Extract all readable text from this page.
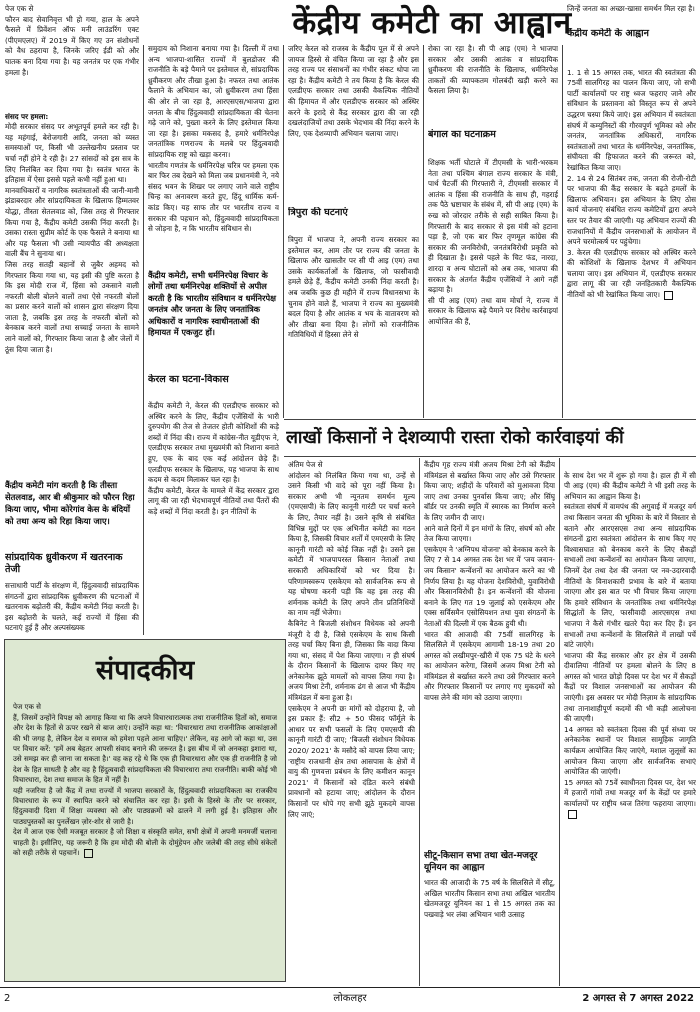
केंद्रीय कमेटी का आह्वान
पेज एक से
फौरन बाद सेवानिवृत्त भी हो गया, हाल के अपने फैसले में प्रिवेंशन ऑफ मनी लाउंडरिंग एक्ट (पीएमएलए) में 2019 में किए गए उन संशोधनों को वैध ठहराया है, जिनके जरिए ईडी को और घातक बना दिया गया है। यह जनतंत्र पर एक गंभीर हमला है।

संसद पर हमला:
मोदी सरकार संसद पर अभूतपूर्व हमले कर रही है। यह महंगाई, बेरोजगारी आदि, जनता को व्यस्त समस्याओं पर, किसी भी उल्लेखनीय प्रस्ताव पर चर्चा नहीं होने दे रही है। 27 सांसदों को इस सत्र के लिए निलंबित कर दिया गया है। स्वतंत्र भारत के इतिहास में ऐसा इससे पहले कभी नहीं हुआ था।
मानवाधिकारों व नागरिक स्वतंत्रताओं की जानी-मानी झंडाबरदार और सांप्रदायिकता के खिलाफ हिम्मतवर योद्धा, तीस्ता सेतलवाड को, जिस तरह से गिरफ्तार किया गया है, कैंद्रीय कमेटी उसकी निंदा करती है। उसका रास्ता सुप्रीम कोर्ट के एक फैसले ने बनाया था और यह फैसला भी उसी न्यायपीठ की अध्यक्षता वाली बैंच ने सुनाया था।
जिस तरह सतही बहानों से जुबैर अहमद को गिरफ्तार किया गया था, यह इसी की पुष्टि करता है कि इस मोदी राज में, हिंसा को उकसाने वाली नफरती बोली बोलने वालों तथा ऐसे नफरती बोलों का प्रसार करने वालों को शासन द्वारा संरक्षण दिया जाता है, जबकि इस तरह के नफरती बोलों को बेनकाब करने वालों तथा सच्चाई जनता के सामने लाने वालों को, गिरफ्तार किया जाता है और जेलों में ठूंस दिया जाता है।

कैंद्रीय कमेटी मांग करती है कि तीस्ता सेतलवाड, आर बी श्रीकुमार को फौरन रिहा किया जाए, भीमा कोरेगांव केस के बंदियों को तथा अन्य को रिहा किया जाए।
सांप्रदायिक ध्रुवीकरण में खतरनाक तेजी
सत्ताधारी पार्टी के संरक्षण में, हिंदुत्ववादी सांप्रदायिक संगठनों द्वारा सांप्रदायिक ध्रुवीकरण की घटनाओं में खतरनाक बढ़ोतरी की, कैंद्रीय कमेटी निंदा करती है। इस बढ़ोतरी के चलते, कई राज्यों में हिंसा की घटनाएं हुई हैं और अल्पसंख्यक
समुदाय को निशाना बनाया गया है। दिल्ली में तथा अन्य भाजपा-शासित राज्यों में बुलडोजर की राजनीति के बड़े पैमाने पर इस्तेमाल से, सांप्रदायिक ध्रुवीकरण और तीखा हुआ है। नफरत तथा आतंक फैलाने के अभियान का, जो ध्रुवीकरण तथा हिंसा की ओर ले जा रहा है, आरएसएस/भाजपा द्वारा जनता के बीच हिंदुत्ववादी सांप्रदायिकता की चेतना गढ़े जाने को, पुख्ता करने के लिए इस्तेमाल किया जा रहा है। इसका मकसद है, हमारे धर्मनिरपेक्ष जनतांत्रिक गणराज्य के मलबे पर हिंदुत्ववादी सांप्रदायिक राष्ट्र को खड़ा करना।
भारतीय गणतंत्र के धर्मनिरपेक्ष चरित्र पर हमला एक बार फिर तब देखने को मिला जब प्रधानमंत्री ने, नये संसद भवन के शिखर पर लगाए जाने वाले राष्ट्रीय चिन्ह का अनावरण करते हुए, हिंदू धार्मिक कर्म-कांड किए। यह साफ तौर पर भारतीय राज्य व सरकार की पहचान को, हिंदुत्ववादी सांप्रदायिकता से जोड़ना है, न कि भारतीय संविधान से।
कैंद्रीय कमेटी, सभी धर्मनिरपेक्ष विचार के लोगों तथा धर्मनिरपेक्ष शक्तियों से अपील करती है कि भारतीय संविधान व धर्मनिरपेक्ष जनतंत्र और जनता के लिए जनतांत्रिक अधिकारों व नागरिक स्वाधीनताओं की हिमायत में एकजुट हों।
केरल का घटना-विकास
केंद्रीय कमेटी ने, केरल की एलडीएफ सरकार को अस्थिर करने के लिए, कैंद्रीय एजेंसियों के भारी दुरुपयोग की तेज से तेजतर होती कोशिशों की कड़े शब्दों में निंदा की। राज्य में कांग्रेस-नीत यूडीएफ ने, एलडीएफ सरकार तथा मुख्यमंत्री को निशाना बनाते हुए, एक के बाद एक कई आंदोलन छेड़े हैं। एलडीएफ सरकार के खिलाफ, यह भाजपा के साथ कदम से कदम मिलाकर चल रहा है।
कैंद्रीय कमेटी, केरल के मामले में केंद्र सरकार द्वारा लागू की जा रही भेदभावपूर्ण नीतियों तथा पैंतरों की कड़े शब्दों में निंदा करती है। इन नीतियों के
जरिए केरल को राजस्व के कैंद्रीय पूल में से अपने जायज हिस्से से वंचित किया जा रहा है और इस तरह राज्य पर संसाधनों का गंभीर संकट थोपा जा रहा है। कैंद्रीय कमेटी ने तय किया है कि केरल की एलडीएफ सरकार तथा उसकी वैकल्पिक नीतियों की हिमायत में और एलडीएफ सरकार को अस्थिर करने के इरादे से कैंद्र सरकार द्वारा की जा रही दखलंदाजियों तथा उसके भेदभाव की निंदा करने के लिए, एक देशव्यापी अभियान चलाया जाए।
त्रिपुरा की घटनाएं
त्रिपुरा में भाजपा ने, अपनी राज्य सरकार का इस्तेमाल कर, आम तौर पर राज्य की जनता के खिलाफ और खासतौर पर सी पी आइ (एम) तथा उसके कार्यकर्ताओं के खिलाफ, जो फासीवादी हमले छेड़े हैं, कैंद्रीय कमेटी उनकी निंदा करती है। अब जबकि कुछ ही महीने में राज्य विधानसभा के चुनाव होने वाले हैं, भाजपा ने राज्य का मुख्यमंत्री बदल दिया है और आतंक व भय के वातावरण को और तीखा बना दिया है। लोगों को राजनीतिक गतिविधियों में हिस्सा लेने से
रोका जा रहा है। सी पी आइ (एम) ने भाजपा सरकार और उसकी आतंक व सांप्रदायिक ध्रुवीकरण की राजनीति के खिलाफ, धर्मनिरपेक्ष ताकतों की व्यापकतम गोलबंदी खड़ी करने का फैसला लिया है।
बंगाल का घटनाक्रम
शिक्षक भर्ती घोटाले में टीएमसी के भारी-भरकम नेता तथा पश्चिम बंगाल राज्य सरकार के मंत्री, पार्थ चैटर्जी की गिरफ्तारी ने, टीएमसी सरकार में आतंक व हिंसा की राजनीति के साथ ही, गहराई तक पैठे भ्रष्टाचार के संबंध में, सी पी आइ (एम) के रुख को जोरदार तरीके से सही साबित किया है। गिरफ्तारी के बाद सरकार से इस मंत्री को हटाना पड़ा है, जो एक बार फिर तृणमूल कांग्रेस की सरकार की जनविरोधी, जनतंत्रविरोधी प्रकृति को ही दिखाता है। इससे पहले के चिट फंड, नारदा, शारदा व अन्य घोटालों को अब तक, भाजपा की सरकार के अंतर्गत कैंद्रीय एजेंसियों ने आगे नहीं बढ़ाया है।
सी पी आइ (एम) तथा वाम मोर्चा ने, राज्य में सरकार के खिलाफ बढ़े पैमाने पर विरोध कार्रवाइयां आयोजित की हैं,
जिन्हें जनता का अच्छा-खासा समर्थन मिल रहा है।
कैंद्रीय कमेटी के आह्वान

1. 1 से 15 अगस्त तक, भारत की स्वतंत्रता की 75वीं सालगिरह का पालन किया जाए, जो सभी पार्टी कार्यालयों पर राष्ट्र ध्वज फहराए जाने और संविधान के प्रस्तावना को विस्तृत रूप से अपने उद्धरण चस्पा किये जाएं। इस अभियान में स्वतंत्रता संघर्ष में कम्युनिस्टों की गौरवपूर्ण भूमिका को और जनतंत्र, जनतांत्रिक अधिकारों, नागरिक स्वतंत्रताओं तथा भारत के धर्मनिरपेक्ष, जनतांत्रिक, संघीयता की हिफाजत करने की जरूरत को, रेखांकित किया जाए।
2. 14 से 24 सितंबर तक, जनता की रोजी-रोटी पर भाजपा की कैंद्र सरकार के बढ़ते हमलों के खिलाफ अभियान। इस अभियान के लिए ठोस कार्य योजनाएं संबंधित राज्य कमेटियों द्वारा अपने स्तर पर तैयार की जाएंगी। यह अभियान राज्यों की राजधानियों में कैंद्रीय जनसभाओं के आयोजन में अपने चरमोत्कर्ष पर पहुंचेगा।
3. केरल की एलडीएफ सरकार को अस्थिर करने की कोशिशों के खिलाफ देशभर में अभियान चलाया जाए। इस अभियान में, एलडीएफ सरकार द्वारा लागू की जा रही जनहितकारी वैकल्पिक नीतियों को भी रेखांकित किया जाए।

लाखों किसानों ने देशव्यापी रास्ता रोको कार्रवाइयां कीं
अंतिम पेज से
आंदोलन को निलंबित किया गया था, उन्हें से उसने किसी भी वादे को पूरा नहीं किया है। सरकार अभी भी न्यूनतम समर्थन मूल्य (एमएसपी) के लिए कानूनी गारंटी पर चर्चा करने के लिए, तैयार नहीं है। उसने कृषि से संबंधित विभिन्न मुद्दों पर एक अभिनीत कमेटी का गठन किया है, जिसकी विचार शर्तों में एमएसपी के लिए कानूनी गारंटी को कोई जिक्र नहीं है। उसने इस कमेटी में भाजपापरस्त किसान नेताओं तथा सरकारी अधिकारियों को भर दिया है। परिणामस्वरूप एसकेएम को सार्वजनिक रूप से यह घोषणा करनी पड़ी कि वह इस तरह की शर्मनाक कमेटी के लिए अपने तीन प्रतिनिधियों का नाम नहीं भेजेगा।
कैबिनेट ने बिजली संशोधन विधेयक को अपनी मंजूरी दे दी है, जिसे एसकेएम के साथ किसी तरह चर्चा किए बिना ही, जिसका कि वादा किया गया था, संसद में पेश किया जाएगा। न ही संघर्ष के दौरान किसानों के खिलाफ दायर किए गए अनेकानेक झूठे मामलों को वापस लिया गया है। अजय मिश्रा टेनी, शर्मनाक ढंग से आज भी कैंद्रीय मंत्रिमंडल में बना हुआ है।
एसकेएम ने अपनी छः मांगों को दोहराया है, जो इस प्रकार हैं: सी2 + 50 फीसद फॉर्मूले के आधार पर सभी फसलों के लिए एमएसपी की कानूनी गारंटी दी जाए; 'बिजली संशोधन विधेयक 2020/ 2021' के मसौदे को वापस लिया जाए; 'राष्ट्रीय राजधानी क्षेत्र तथा आसपास के क्षेत्रों में वायु की गुणवत्ता प्रबंधन के लिए कमीशन कानून 2021' में किसानों को दंडित करने संबंधी प्रावधानों को हटाया जाए; आंदोलन के दौरान किसानों पर थोपे गए सभी झूठे मुकदमे वापस लिए जाएं;
कैंद्रीय गृह राज्य मंत्री अजय मिश्रा टेनी को कैंद्रीय मंत्रिमंडल से बर्खास्त किया जाए और उसे गिरफ्तार किया जाए; शहीदों के परिवारों को मुआवजा दिया जाए तथा उनका पुनर्वास किया जाए; और सिंघू बॉर्डर पर उनकी स्मृति में स्मारक का निर्माण करने के लिए जमीन दी जाए।
आने वाले दिनों में इन मांगों के लिए, संघर्ष को और तेज किया जाएगा।
एसकेएम ने 'अग्निपथ योजना' को बेनकाब करने के लिए 7 से 14 अगस्त तक देश भर में 'जय जवान-जय किसान' कन्वेंशनों का आयोजन करने का भी निर्णय लिया है। यह योजना देशविरोधी, युवाविरोधी और किसानविरोधी है। इन कन्वेंशनों की योजना बनाने के लिए गत 19 जुलाई को एसकेएम और एक्स सर्विसमैन एसोसियशन तथा युवा संगठनों के नेताओं की दिल्ली में एक बैठक हुयी थी।
भारत की आजादी की 75वीं सालगिरह के सिलसिले में एसकेएम आगामी 18-19 तथा 20 अगस्त को लखीमपुर-खीरी में एक 75 घंटे के धरने का आयोजन करेगा, जिसमें अजय मिश्रा टेनी को मंत्रिमंडल से बर्खास्त करने तथा उसे गिरफ्तार करने और गिरफ्तार किसानों पर लगाए गए मुकदमों को वापस लेने की मांग को उठाया जाएगा।
सीटू-किसान सभा तथा खेत-मजदूर यूनियन का आह्वान
भारत की आजादी के 75 वर्ष के सिलसिले में सीटू, अखिल भारतीय किसान सभा तथा अखिल भारतीय खेतमजदूर यूनियन का 1 से 15 अगस्त तक का पखवाड़े भर लंबा अभियान भारी उत्साह

के साथ देश भर में शुरू हो गया है। हाल ही में सी पी आइ (एम) की कैंद्रीय कमेटी ने भी इसी तरह के अभियान का आह्वान किया है।
स्वतंत्रता संघर्ष में वामपंथ की अगुवाई में मजदूर वर्ग तथा किसान जनता की भूमिका के बारे में विस्तार से बताने और आरएसएस तथा अन्य सांप्रदायिक संगठनों द्वारा स्वतंत्रता आंदोलन के साथ किए गए विश्वासघात को बेनकाब करने के लिए सैकड़ों सभाओं तथा कन्वेंशनों का आयोजन किया जाएगा, जिनमें देश तथा देश की जनता पर नव-उदारवादी नीतियों के विनाशकारी प्रभाव के बारे में बताया जाएगा और इस बात पर भी विचार किया जाएगा कि हमारे संविधान के जनतांत्रिक तथा धर्मनिरपेक्ष सिद्धांतों के लिए, फासीवादी आरएसएस तथा भाजपा ने कैसे गंभीर खतरे पैदा कर दिए हैं। इन सभाओं तथा कन्वेंशनों के सिलसिले में लाखों पर्चे बांटे जाएंगे।
भाजपा की कैंद्र सरकार और हर क्षेत्र में उसकी दीवालिया नीतियों पर हमला बोलने के लिए 8 अगस्त को भारत छोड़ो दिवस पर देश भर में सैकड़ों कैंद्रों पर विशाल जनसभाओं का आयोजन की जाएंगी। इस अवसर पर मोदी निज़ाम के सांप्रदायिक तथा तानाशाहीपूर्ण कदमों की भी कड़ी आलोचना की जाएगी।
14 अगस्त को स्वतंत्रता दिवस की पूर्व संध्या पर अनेकानेक स्थानों पर विशाल सामूहिक जागृति कार्यक्रम आयोजित किए जाएंगे, मशाल जुलूसों का आयोजन किया जाएगा और सार्वजनिक सभाएं आयोजित की जाएंगी।
15 अगस्त को 75वें स्वाधीनता दिवस पर, देश भर में हजारों गांवों तथा मजदूर वर्ग के केंद्रों पर हमारे कार्यालयों पर राष्ट्रीय ध्वज तिरंगा फहराया जाएगा।

संपादकीय

पेज एक से
हैं, जिसमें उन्होंने विपक्ष को आगाह किया था कि अपने विचारधारात्मक तथा राजनीतिक हितों को, समाज और देश के हितों से ऊपर रखने से बाज आएं। उन्होंने कहा था: 'विचारधारा तथा राजनीतिक आकांक्षाओं की भी जगह है, लेकिन देश व समाज को हमेशा पहले आना चाहिए।' लेकिन, वह आगे जो कहा था, उस पर विचार करें: 'हमें अब बेहतर आपसी संवाद बनाने की जरूरत है। इस बीच में जो अनकहा इशारा था, उसे समझ कर ही जाना जा सकता है।' वह कह रहे थे कि एक ही विचारधारा और एक ही राजनीति है जो देश के हित साधती है और वह है हिंदुत्ववादी सांप्रदायिकता की विचारधारा तथा राजनीति। बाकी कोई भी विचारधारा, देश तथा समाज के हित में नहीं है।
यही नजरिया है जो कैंद्र में तथा राज्यों में भाजपा सरकारों के, हिंदुत्ववादी सांप्रदायिकता का राजकीय विचारधारा के रूप में स्थापित करने को संचालित कर रहा है। इसी के हिस्से के तौर पर सरकार, हिंदुत्ववादी दिशा में शिक्षा व्यवस्था को और पाठ्यक्रमों को ढालने में लगी हुई है। इतिहास और पाठ्यपुस्तकों का पुनर्लेखन ज़ोर-शोर से जारी है।
देश में आज एक ऐसी मजबूत सरकार है जो शिक्षा व संस्कृति समेत, सभी क्षेत्रों में अपनी मनमर्जी चलाना चाहती है। इसीलिए, यह जरूरी है कि हम मोदी की बोली के दोमुंहेपन और जलेबी की तरह सीधे संकेतों को सही तरीके से पहचानें।

2	लोकलहर	2 अगस्त से 7 अगस्त 2022
